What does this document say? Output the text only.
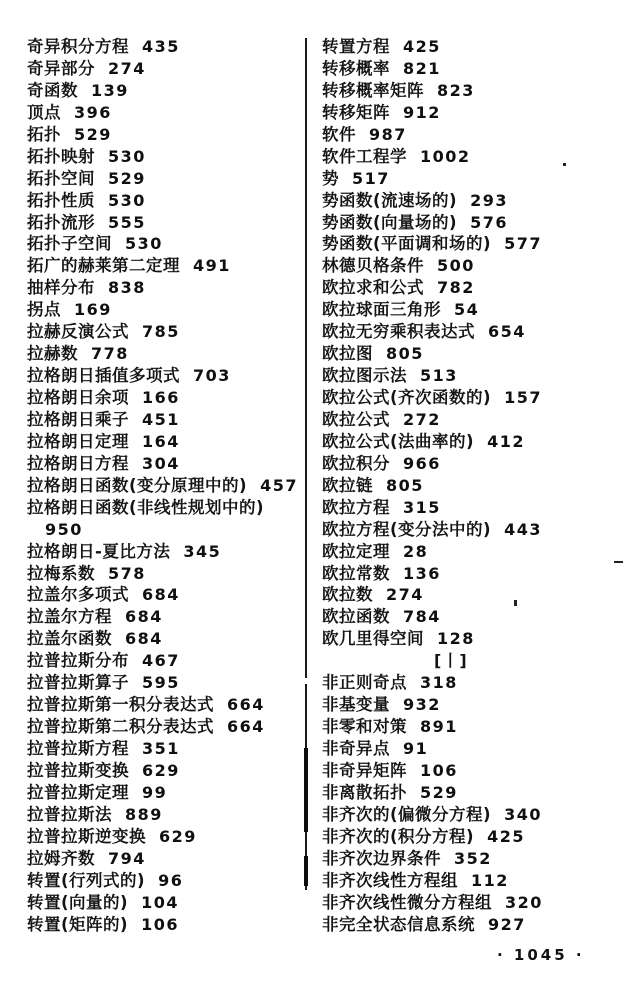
奇异积分方程 435
奇异部分 274
奇函数 139
顶点 396
拓扑 529
拓扑映射 530
拓扑空间 529
拓扑性质 530
拓扑流形 555
拓扑子空间 530
拓广的赫莱第二定理 491
抽样分布 838
拐点 169
拉赫反演公式 785
拉赫数 778
拉格朗日插值多项式 703
拉格朗日余项 166
拉格朗日乘子 451
拉格朗日定理 164
拉格朗日方程 304
拉格朗日函数(变分原理中的) 457
拉格朗日函数(非线性规划中的)
950
拉格朗日-夏比方法 345
拉梅系数 578
拉盖尔多项式 684
拉盖尔方程 684
拉盖尔函数 684
拉普拉斯分布 467
拉普拉斯算子 595
拉普拉斯第一积分表达式 664
拉普拉斯第二积分表达式 664
拉普拉斯方程 351
拉普拉斯变换 629
拉普拉斯定理 99
拉普拉斯法 889
拉普拉斯逆变换 629
拉姆齐数 794
转置(行列式的) 96
转置(向量的) 104
转置(矩阵的) 106
转置方程 425
转移概率 821
转移概率矩阵 823
转移矩阵 912
软件 987
软件工程学 1002
势 517
势函数(流速场的) 293
势函数(向量场的) 576
势函数(平面调和场的) 577
林德贝格条件 500
欧拉求和公式 782
欧拉球面三角形 54
欧拉无穷乘积表达式 654
欧拉图 805
欧拉图示法 513
欧拉公式(齐次函数的) 157
欧拉公式 272
欧拉公式(法曲率的) 412
欧拉积分 966
欧拉链 805
欧拉方程 315
欧拉方程(变分法中的) 443
欧拉定理 28
欧拉常数 136
欧拉数 274
欧拉函数 784
欧几里得空间 128
[丨]
非正则奇点 318
非基变量 932
非零和对策 891
非奇异点 91
非奇异矩阵 106
非离散拓扑 529
非齐次的(偏微分方程) 340
非齐次的(积分方程) 425
非齐次边界条件 352
非齐次线性方程组 112
非齐次线性微分方程组 320
非完全状态信息系统 927
· 1045 ·
